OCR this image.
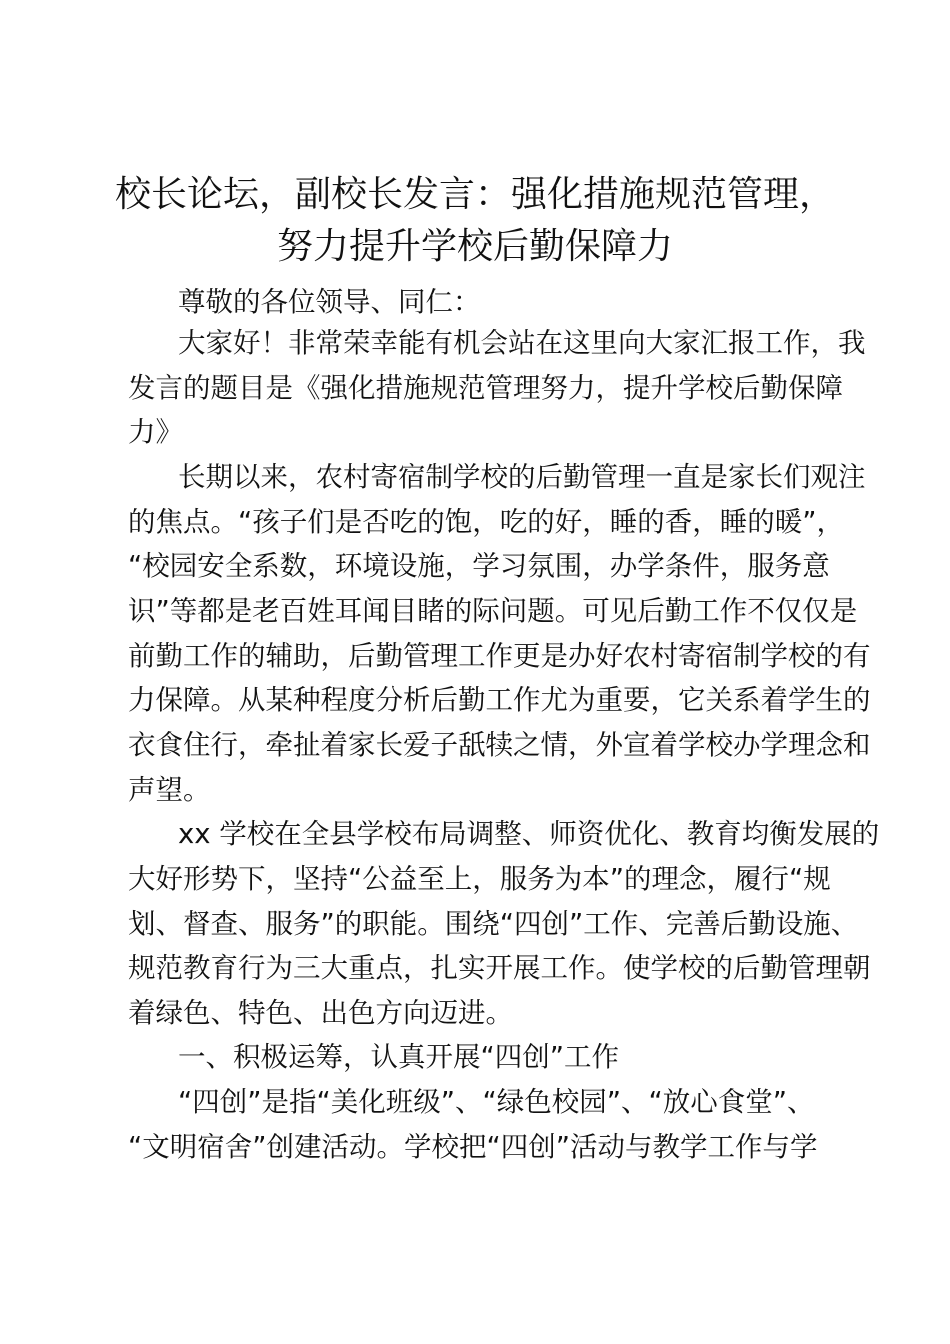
校长论坛，副校长发言：强化措施规范管理，
努力提升学校后勤保障力

尊敬的各位领导、同仁：

大家好！非常荣幸能有机会站在这里向大家汇报工作，我

发言的题目是《强化措施规范管理努力，提升学校后勤保障

力》

长期以来，农村寄宿制学校的后勤管理一直是家长们观注

的焦点。“孩子们是否吃的饱，吃的好，睡的香，睡的暖”，

“校园安全系数，环境设施，学习氛围，办学条件，服务意

识”等都是老百姓耳闻目睹的际问题。可见后勤工作不仅仅是

前勤工作的辅助，后勤管理工作更是办好农村寄宿制学校的有

力保障。从某种程度分析后勤工作尤为重要，它关系着学生的

衣食住行，牵扯着家长爱子舐犊之情，外宣着学校办学理念和

声望。

xx 学校在全县学校布局调整、师资优化、教育均衡发展的

大好形势下，坚持“公益至上，服务为本”的理念，履行“规

划、督查、服务”的职能。围绕“四创”工作、完善后勤设施、

规范教育行为三大重点，扎实开展工作。使学校的后勤管理朝

着绿色、特色、出色方向迈进。

一、积极运筹，认真开展“四创”工作

“四创”是指“美化班级”、“绿色校园”、“放心食堂”、

“文明宿舍”创建活动。学校把“四创”活动与教学工作与学
